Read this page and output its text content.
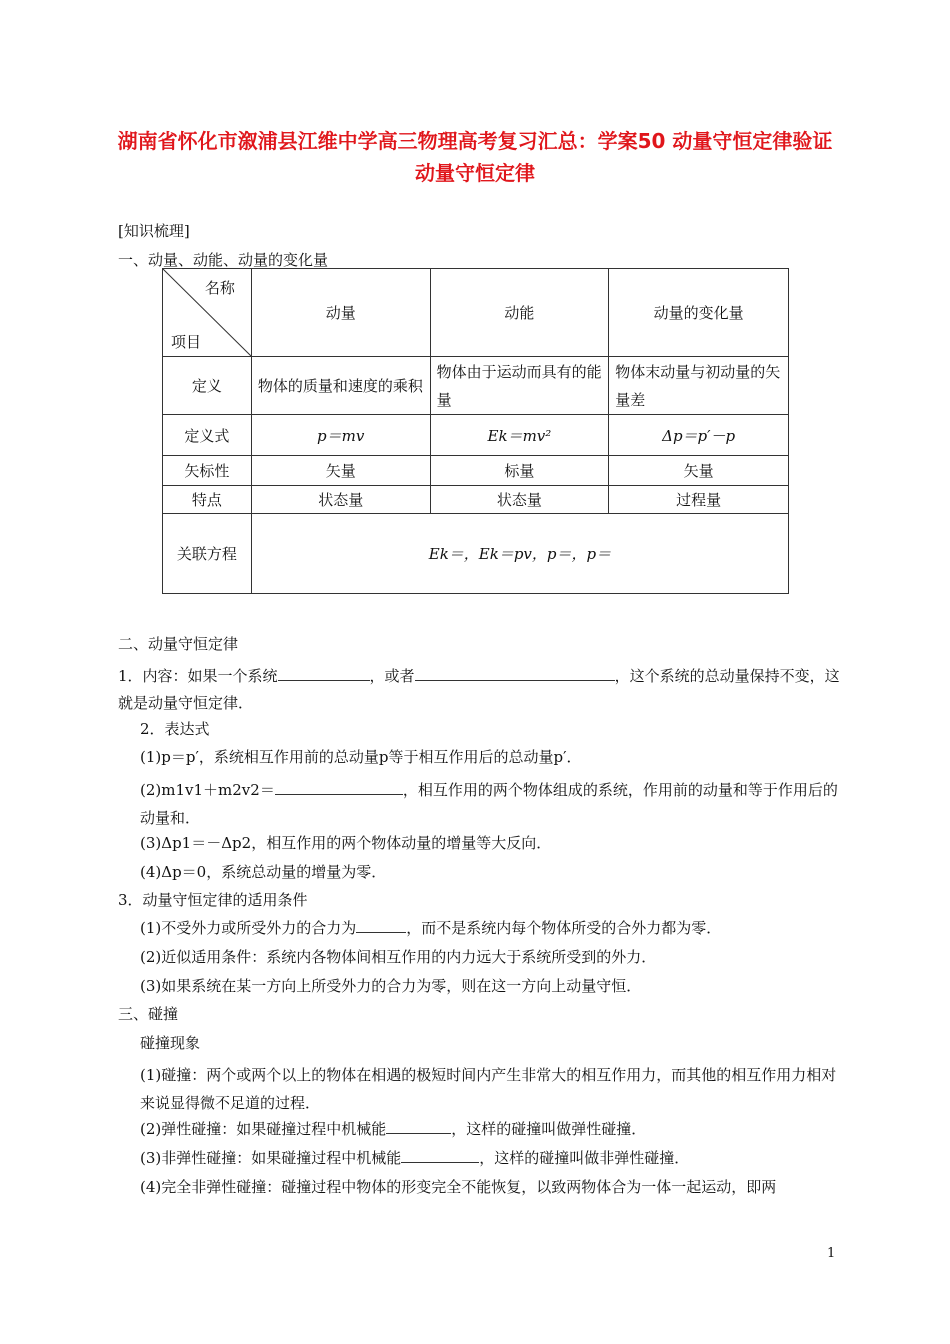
湖南省怀化市溆浦县江维中学高三物理高考复习汇总：学案50 动量守恒定律验证动量守恒定律
[知识梳理]
一、动量、动能、动量的变化量
名称
项目	动量	动能	动量的变化量
定义	物体的质量和速度的乘积	物体由于运动而具有的能量	物体末动量与初动量的矢量差
定义式	p＝mv	Ek＝mv²	Δp＝p′－p
矢标性	矢量	标量	矢量
特点	状态量	状态量	过程量
关联方程	Ek＝，Ek＝pv，p＝，p＝		
二、动量守恒定律
1．内容：如果一个系统	，或者	，这个系统的总动量保持不变，这就是动量守恒定律．
2．表达式
(1)p＝p′，系统相互作用前的总动量p等于相互作用后的总动量p′．
(2)m1v1＋m2v2＝	，相互作用的两个物体组成的系统，作用前的动量和等于作用后的动量和．
(3)Δp1＝－Δp2，相互作用的两个物体动量的增量等大反向．
(4)Δp＝0，系统总动量的增量为零．
3．动量守恒定律的适用条件
(1)不受外力或所受外力的合力为	，而不是系统内每个物体所受的合外力都为零．
(2)近似适用条件：系统内各物体间相互作用的内力远大于系统所受到的外力．
(3)如果系统在某一方向上所受外力的合力为零，则在这一方向上动量守恒．
三、碰撞
碰撞现象
(1)碰撞：两个或两个以上的物体在相遇的极短时间内产生非常大的相互作用力，而其他的相互作用力相对来说显得微不足道的过程．
(2)弹性碰撞：如果碰撞过程中机械能	，这样的碰撞叫做弹性碰撞．
(3)非弹性碰撞：如果碰撞过程中机械能	，这样的碰撞叫做非弹性碰撞．
(4)完全非弹性碰撞：碰撞过程中物体的形变完全不能恢复，以致两物体合为一体一起运动，即两
1
